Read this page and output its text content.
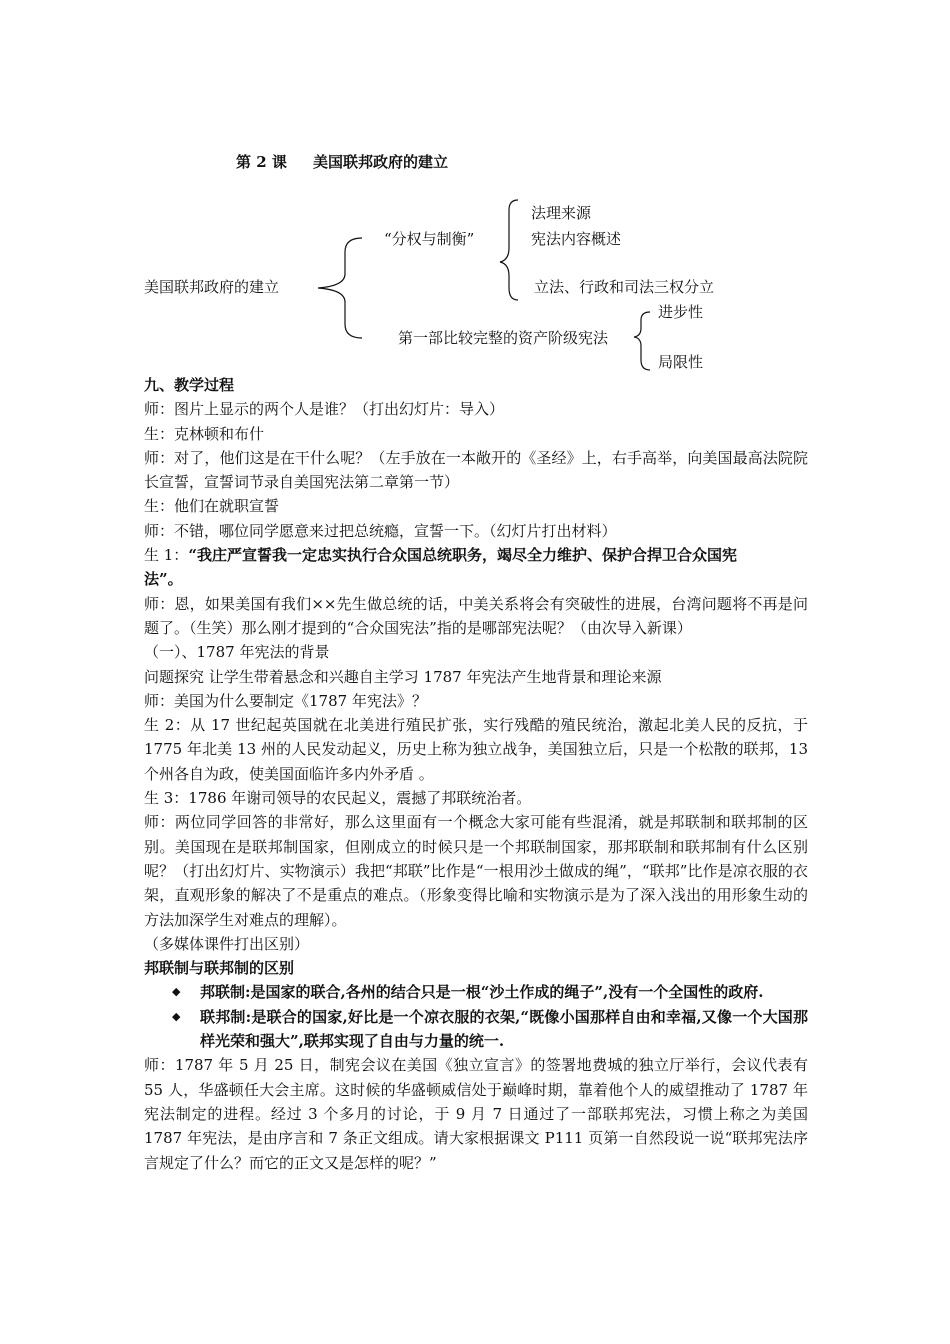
第 2 课     美国联邦政府的建立
美国联邦政府的建立
“分权与制衡”
法理来源
宪法内容概述
立法、行政和司法三权分立
第一部比较完整的资产阶级宪法
进步性
局限性

九、教学过程

师：图片上显示的两个人是谁？（打出幻灯片：导入）

生：克林顿和布什

师：对了，他们这是在干什么呢？（左手放在一本敞开的《圣经》上，右手高举，向美国最高法院院长宣誓，宣誓词节录自美国宪法第二章第一节）

生：他们在就职宣誓

师：不错，哪位同学愿意来过把总统瘾，宣誓一下。（幻灯片打出材料）

生 1：“我庄严宣誓我一定忠实执行合众国总统职务，竭尽全力维护、保护合捍卫合众国宪
法”。

师：恩，如果美国有我们××先生做总统的话，中美关系将会有突破性的进展，台湾问题将不再是问题了。（生笑）那么刚才提到的“合众国宪法”指的是哪部宪法呢？（由次导入新课）

（一）、1787 年宪法的背景

问题探究 让学生带着悬念和兴趣自主学习 1787 年宪法产生地背景和理论来源

师：美国为什么要制定《1787 年宪法》？

生 2：从 17 世纪起英国就在北美进行殖民扩张，实行残酷的殖民统治，激起北美人民的反抗，于 1775 年北美 13 州的人民发动起义，历史上称为独立战争，美国独立后，只是一个松散的联邦，13 个州各自为政，使美国面临许多内外矛盾 。

生 3：1786 年谢司领导的农民起义，震撼了邦联统治者。

师：两位同学回答的非常好，那么这里面有一个概念大家可能有些混淆，就是邦联制和联邦制的区别。美国现在是联邦制国家，但刚成立的时候只是一个邦联制国家，那邦联制和联邦制有什么区别呢？（打出幻灯片、实物演示）我把“邦联”比作是“一根用沙土做成的绳”，“联邦”比作是凉衣服的衣架，直观形象的解决了不是重点的难点。（形象变得比喻和实物演示是为了深入浅出的用形象生动的方法加深学生对难点的理解）。

（多媒体课件打出区别）

邦联制与联邦制的区别

◆ 邦联制:是国家的联合,各州的结合只是一根“沙土作成的绳子”,没有一个全国性的政府.
◆ 联邦制:是联合的国家,好比是一个凉衣服的衣架,“既像小国那样自由和幸福,又像一个大国那样光荣和强大”,联邦实现了自由与力量的统一.

师：1787 年 5 月 25 日，制宪会议在美国《独立宣言》的签署地费城的独立厅举行，会议代表有 55 人，华盛顿任大会主席。这时候的华盛顿威信处于巅峰时期，靠着他个人的威望推动了 1787 年宪法制定的进程。经过 3 个多月的讨论，于 9 月 7 日通过了一部联邦宪法，习惯上称之为美国 1787 年宪法，是由序言和 7 条正文组成。请大家根据课文 P111 页第一自然段说一说“联邦宪法序言规定了什么？而它的正文又是怎样的呢？”
